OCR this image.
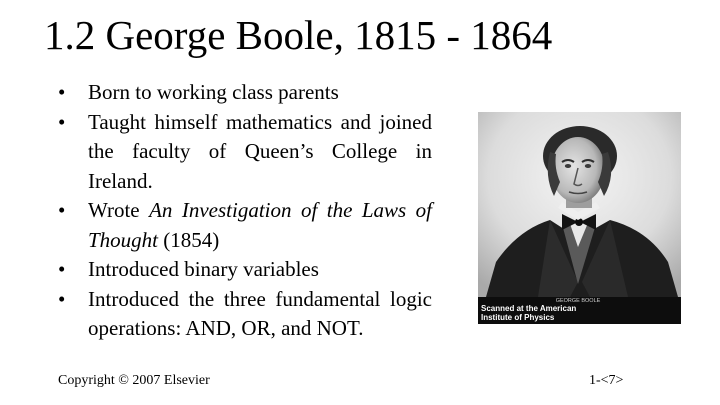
1.2 George Boole, 1815 - 1864
• Born to working class parents
• Taught himself mathematics and joined the faculty of Queen’s College in Ireland.
• Wrote An Investigation of the Laws of Thought (1854)
• Introduced binary variables
• Introduced the three fundamental logic operations: AND, OR, and NOT.
GEORGE BOOLE
Scanned at the American
Institute of Physics
Copyright © 2007 Elsevier	1-<7>
